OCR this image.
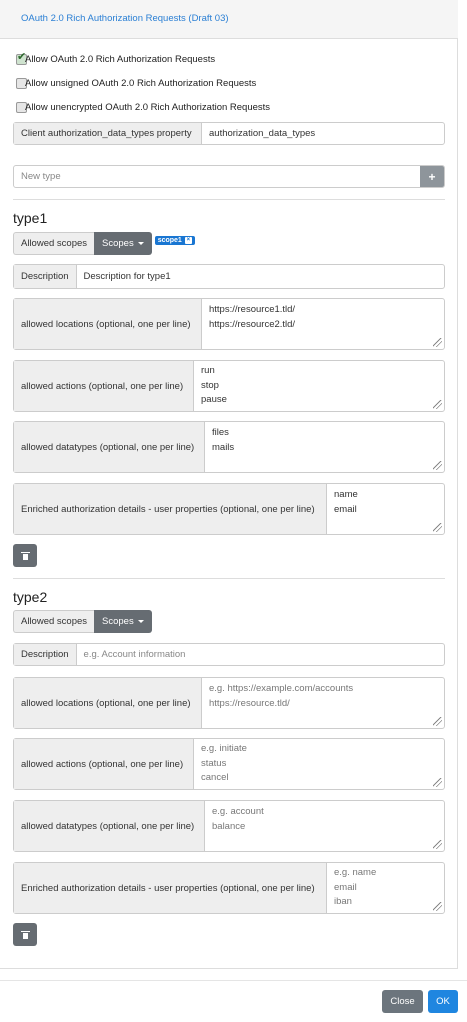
OAuth 2.0 Rich Authorization Requests (Draft 03)
✔
Allow OAuth 2.0 Rich Authorization Requests
Allow unsigned OAuth 2.0 Rich Authorization Requests
Allow unencrypted OAuth 2.0 Rich Authorization Requests
Client authorization_data_types property	authorization_data_types
New type	+
type1
Allowed scopes	Scopes	scope1 ×
Description	Description for type1
allowed locations (optional, one per line)
https://resource1.tld/
https://resource2.tld/
allowed actions (optional, one per line)
run
stop
pause
allowed datatypes (optional, one per line)
files
mails
Enriched authorization details - user properties (optional, one per line)
name
email
type2
Allowed scopes	Scopes
Description	e.g. Account information
allowed locations (optional, one per line)
e.g. https://example.com/accounts
https://resource.tld/
allowed actions (optional, one per line)
e.g. initiate
status
cancel
allowed datatypes (optional, one per line)
e.g. account
balance
Enriched authorization details - user properties (optional, one per line)
e.g. name
email
iban
Close	OK
